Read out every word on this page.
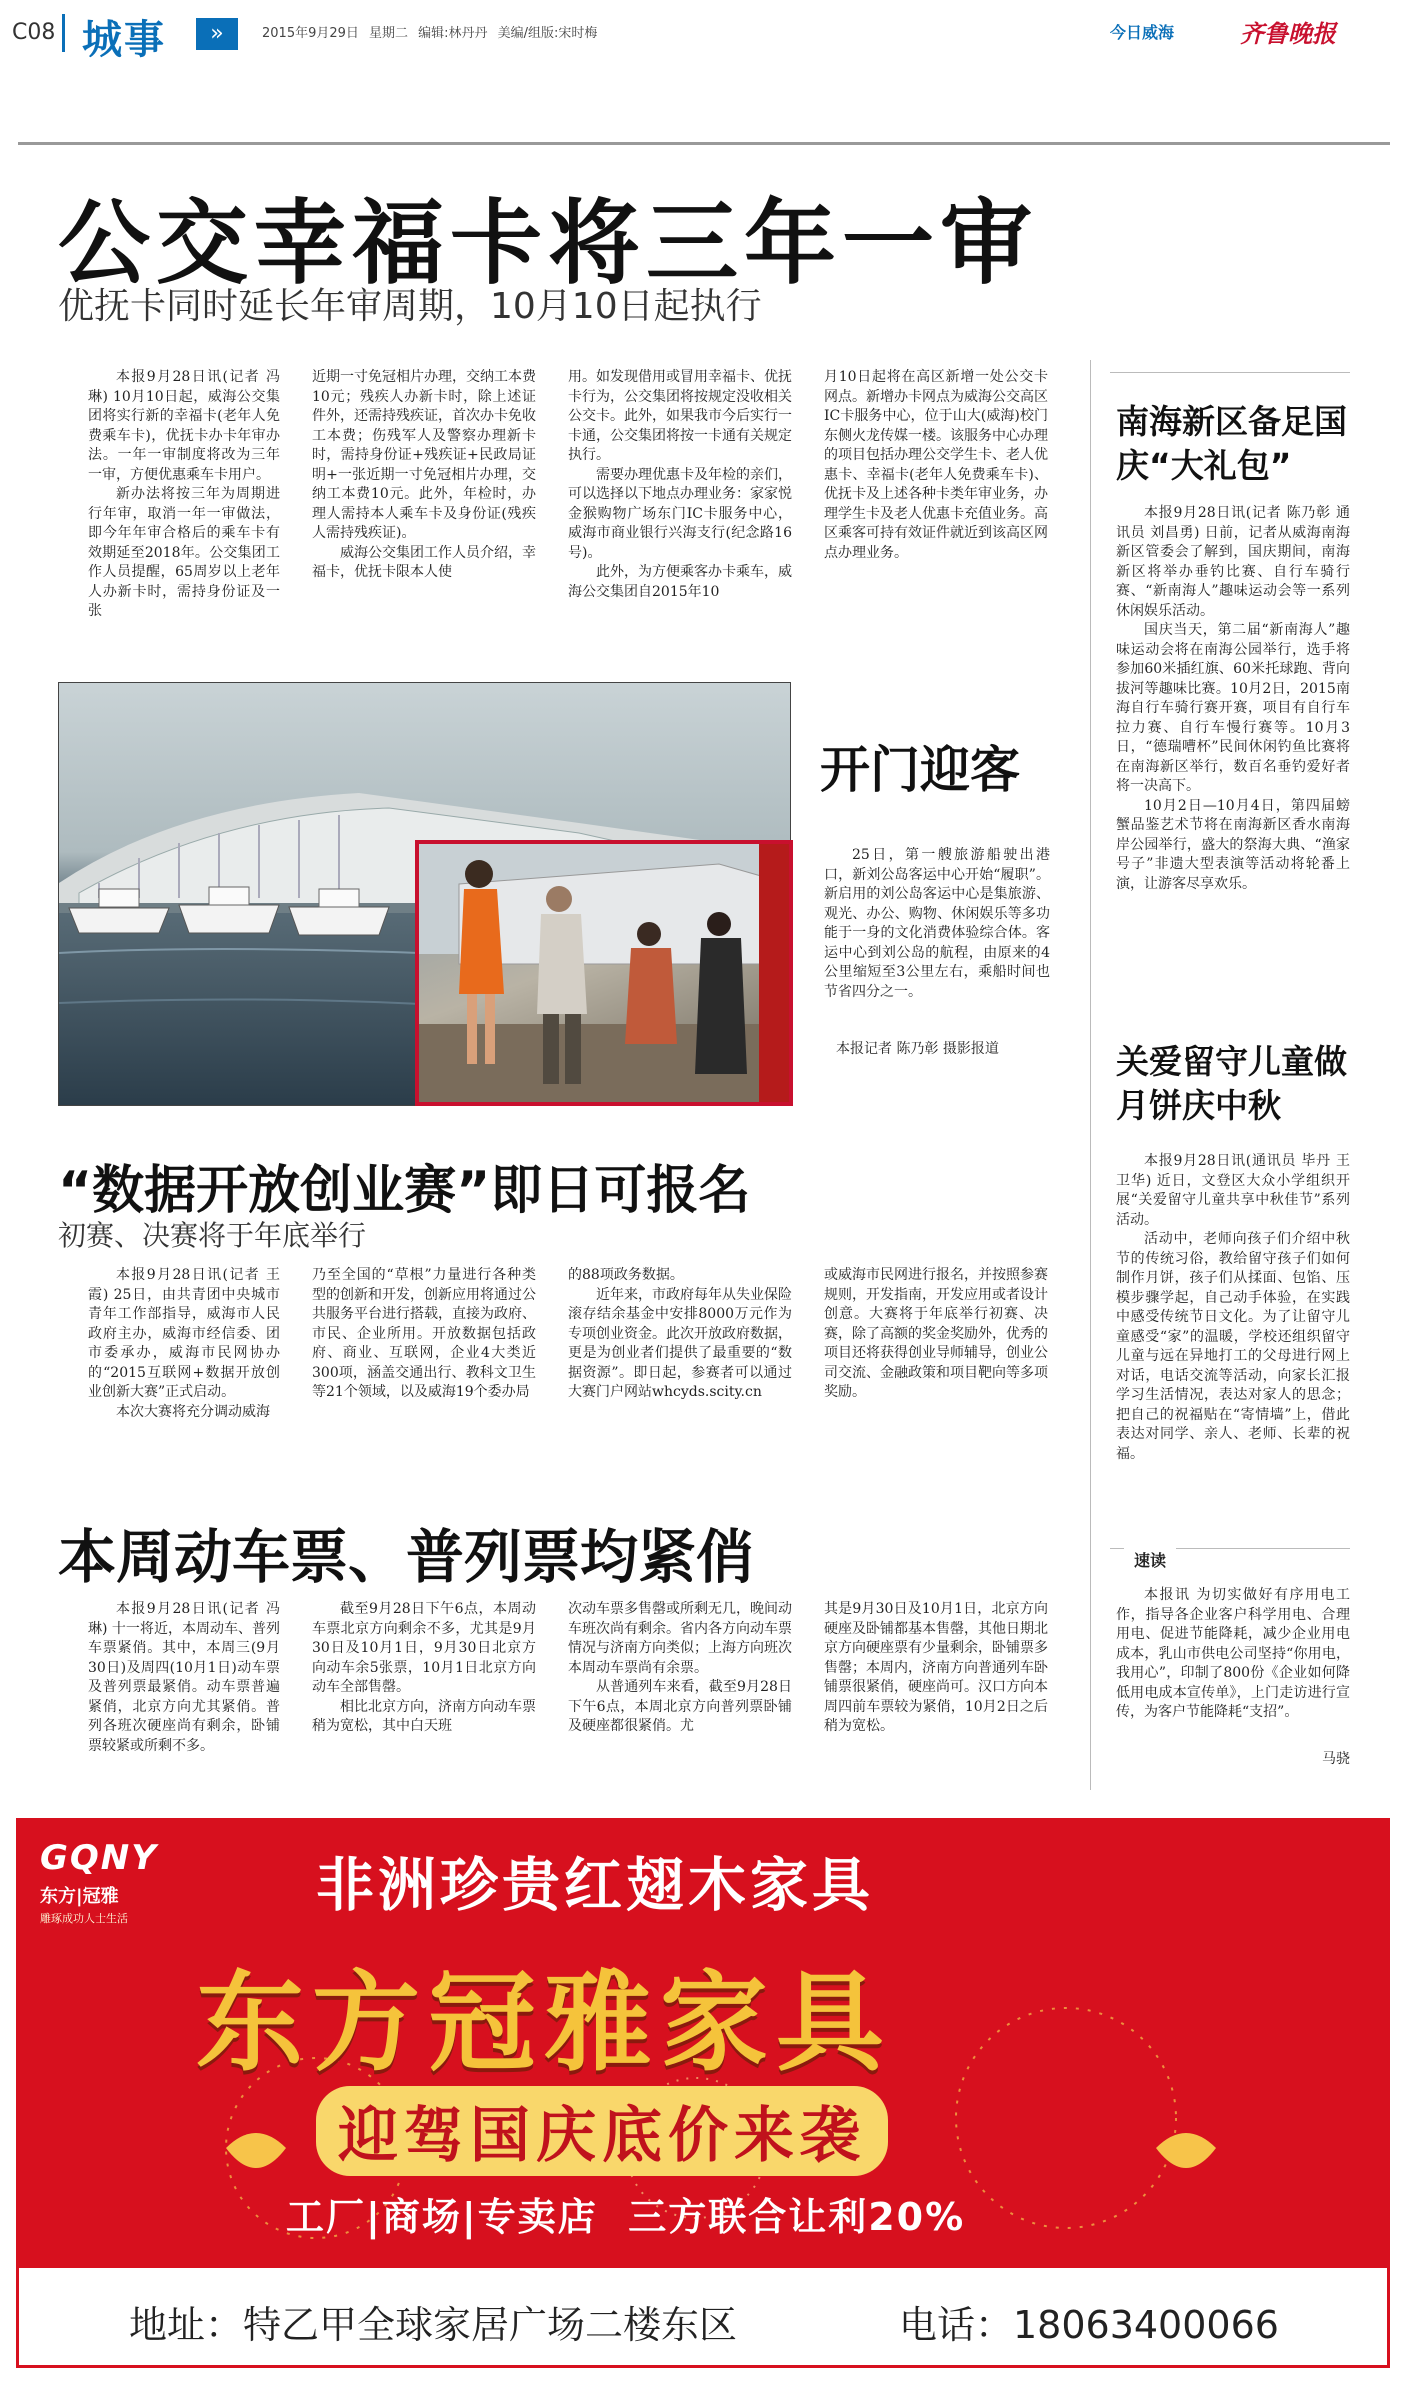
C08 城事	»	2015年9月29日 星期二 编辑:林丹丹 美编/组版:宋时梅	今日威海	齐鲁晚报
公交幸福卡将三年一审
优抚卡同时延长年审周期，10月10日起执行

本报9月28日讯(记者 冯琳) 10月10日起，威海公交集团将实行新的幸福卡(老年人免费乘车卡)，优抚卡办卡年审办法。一年一审制度将改为三年一审，方便优惠乘车卡用户。

新办法将按三年为周期进行年审，取消一年一审做法，即今年年审合格后的乘车卡有效期延至2018年。公交集团工作人员提醒，65周岁以上老年人办新卡时，需持身份证及一张

近期一寸免冠相片办理，交纳工本费10元；残疾人办新卡时，除上述证件外，还需持残疾证，首次办卡免收工本费；伤残军人及警察办理新卡时，需持身份证+残疾证+民政局证明+一张近期一寸免冠相片办理，交纳工本费10元。此外，年检时，办理人需持本人乘车卡及身份证(残疾人需持残疾证)。

威海公交集团工作人员介绍，幸福卡，优抚卡限本人使

用。如发现借用或冒用幸福卡、优抚卡行为，公交集团将按规定没收相关公交卡。此外，如果我市今后实行一卡通，公交集团将按一卡通有关规定执行。

需要办理优惠卡及年检的亲们，可以选择以下地点办理业务：家家悦金猴购物广场东门IC卡服务中心，威海市商业银行兴海支行(纪念路16号)。

此外，为方便乘客办卡乘车，威海公交集团自2015年10

月10日起将在高区新增一处公交卡网点。新增办卡网点为威海公交高区IC卡服务中心，位于山大(威海)校门东侧火龙传媒一楼。该服务中心办理的项目包括办理公交学生卡、老人优惠卡、幸福卡(老年人免费乘车卡)、优抚卡及上述各种卡类年审业务，办理学生卡及老人优惠卡充值业务。高区乘客可持有效证件就近到该高区网点办理业务。

开门迎客

25日，第一艘旅游船驶出港口，新刘公岛客运中心开始“履职”。新启用的刘公岛客运中心是集旅游、观光、办公、购物、休闲娱乐等多功能于一身的文化消费体验综合体。客运中心到刘公岛的航程，由原来的4公里缩短至3公里左右，乘船时间也节省四分之一。

本报记者 陈乃彰 摄影报道
“数据开放创业赛”即日可报名
初赛、决赛将于年底举行

本报9月28日讯(记者 王霞) 25日，由共青团中央城市青年工作部指导，威海市人民政府主办，威海市经信委、团市委承办，威海市民网协办的“2015互联网+数据开放创业创新大赛”正式启动。

本次大赛将充分调动威海

乃至全国的“草根”力量进行各种类型的创新和开发，创新应用将通过公共服务平台进行搭载，直接为政府、市民、企业所用。开放数据包括政府、商业、互联网，企业4大类近300项，涵盖交通出行、教科文卫生等21个领域，以及威海19个委办局

的88项政务数据。

近年来，市政府每年从失业保险滚存结余基金中安排8000万元作为专项创业资金。此次开放政府数据，更是为创业者们提供了最重要的“数据资源”。即日起，参赛者可以通过大赛门户网站whcyds.scity.cn

或威海市民网进行报名，并按照参赛规则，开发指南，开发应用或者设计创意。大赛将于年底举行初赛、决赛，除了高额的奖金奖励外，优秀的项目还将获得创业导师辅导，创业公司交流、金融政策和项目靶向等多项奖励。

本周动车票、普列票均紧俏

本报9月28日讯(记者 冯琳) 十一将近，本周动车、普列车票紧俏。其中，本周三(9月30日)及周四(10月1日)动车票及普列票最紧俏。动车票普遍紧俏，北京方向尤其紧俏。普列各班次硬座尚有剩余，卧铺票较紧或所剩不多。

截至9月28日下午6点，本周动车票北京方向剩余不多，尤其是9月30日及10月1日，9月30日北京方向动车余5张票，10月1日北京方向动车全部售罄。

相比北京方向，济南方向动车票稍为宽松，其中白天班

次动车票多售罄或所剩无几，晚间动车班次尚有剩余。省内各方向动车票情况与济南方向类似；上海方向班次本周动车票尚有余票。

从普通列车来看，截至9月28日下午6点，本周北京方向普列票卧铺及硬座都很紧俏。尤

其是9月30日及10月1日，北京方向硬座及卧铺都基本售罄，其他日期北京方向硬座票有少量剩余，卧铺票多售罄；本周内，济南方向普通列车卧铺票很紧俏，硬座尚可。汉口方向本周四前车票较为紧俏，10月2日之后稍为宽松。

南海新区备足国庆“大礼包”

本报9月28日讯(记者 陈乃彰 通讯员 刘昌勇) 日前，记者从威海南海新区管委会了解到，国庆期间，南海新区将举办垂钓比赛、自行车骑行赛、“新南海人”趣味运动会等一系列休闲娱乐活动。

国庆当天，第二届“新南海人”趣味运动会将在南海公园举行，选手将参加60米插红旗、60米托球跑、背向拔河等趣味比赛。10月2日，2015南海自行车骑行赛开赛，项目有自行车拉力赛、自行车慢行赛等。10月3日，“德瑞嘈杯”民间休闲钓鱼比赛将在南海新区举行，数百名垂钓爱好者将一决高下。

10月2日—10月4日，第四届螃蟹品鉴艺术节将在南海新区香水南海岸公园举行，盛大的祭海大典、“渔家号子”非遗大型表演等活动将轮番上演，让游客尽享欢乐。

关爱留守儿童做月饼庆中秋

本报9月28日讯(通讯员 毕丹 王卫华) 近日，文登区大众小学组织开展“关爱留守儿童共享中秋佳节”系列活动。

活动中，老师向孩子们介绍中秋节的传统习俗，教给留守孩子们如何制作月饼，孩子们从揉面、包馅、压模步骤学起，自己动手体验，在实践中感受传统节日文化。为了让留守儿童感受“家”的温暖，学校还组织留守儿童与远在异地打工的父母进行网上对话，电话交流等活动，向家长汇报学习生活情况，表达对家人的思念；把自己的祝福贴在“寄情墙”上，借此表达对同学、亲人、老师、长辈的祝福。

速读

本报讯 为切实做好有序用电工作，指导各企业客户科学用电、合理用电、促进节能降耗，减少企业用电成本，乳山市供电公司坚持“你用电，我用心”，印制了800份《企业如何降低用电成本宣传单》，上门走访进行宣传，为客户节能降耗“支招”。

马骁
GQNY
东方|冠雅
雕琢成功人士生活	非洲珍贵红翅木家具
东方冠雅家具
迎驾国庆底价来袭
工厂|商场|专卖店  三方联合让利20%
地址：特乙甲全球家居广场二楼东区	电话：18063400066
